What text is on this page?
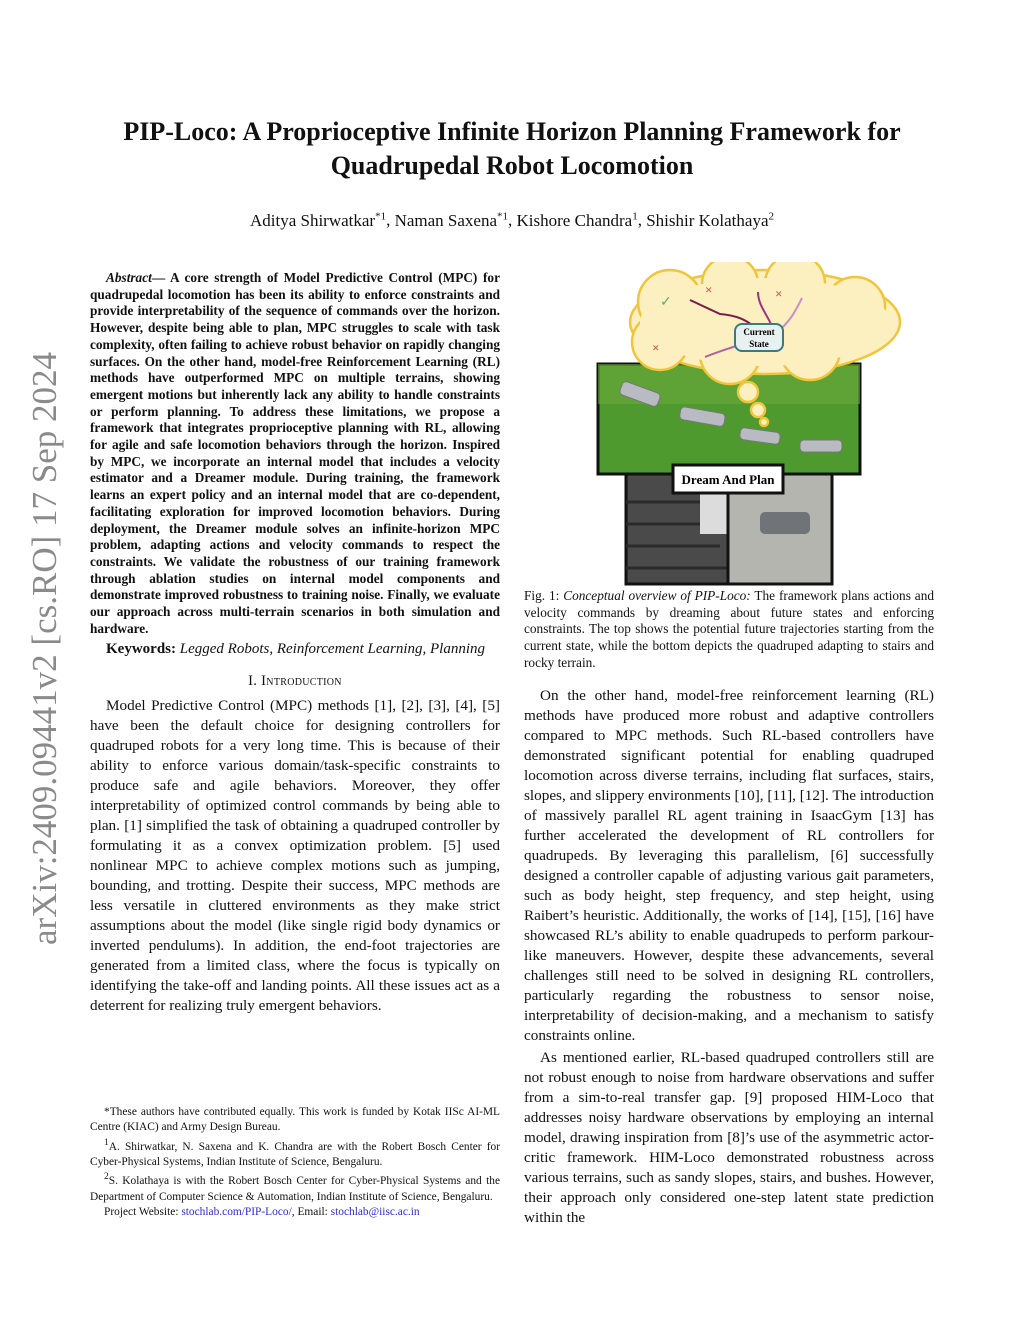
arXiv:2409.09441v2 [cs.RO] 17 Sep 2024
PIP-Loco: A Proprioceptive Infinite Horizon Planning Framework for Quadrupedal Robot Locomotion
Aditya Shirwatkar$^{*1}$, Naman Saxena$^{*1}$, Kishore Chandra$^1$, Shishir Kolathaya$^2$

Abstract— A core strength of Model Predictive Control (MPC) for quadrupedal locomotion has been its ability to enforce constraints and provide interpretability of the sequence of commands over the horizon. However, despite being able to plan, MPC struggles to scale with task complexity, often failing to achieve robust behavior on rapidly changing surfaces. On the other hand, model-free Reinforcement Learning (RL) methods have outperformed MPC on multiple terrains, showing emergent motions but inherently lack any ability to handle constraints or perform planning. To address these limitations, we propose a framework that integrates proprioceptive planning with RL, allowing for agile and safe locomotion behaviors through the horizon. Inspired by MPC, we incorporate an internal model that includes a velocity estimator and a Dreamer module. During training, the framework learns an expert policy and an internal model that are co-dependent, facilitating exploration for improved locomotion behaviors. During deployment, the Dreamer module solves an infinite-horizon MPC problem, adapting actions and velocity commands to respect the constraints. We validate the robustness of our training framework through ablation studies on internal model components and demonstrate improved robustness to training noise. Finally, we evaluate our approach across multi-terrain scenarios in both simulation and hardware.

Keywords: Legged Robots, Reinforcement Learning, Planning

I. Introduction

Model Predictive Control (MPC) methods [1], [2], [3], [4], [5] have been the default choice for designing controllers for quadruped robots for a very long time. This is because of their ability to enforce various domain/task-specific constraints to produce safe and agile behaviors. Moreover, they offer interpretability of optimized control commands by being able to plan. [1] simplified the task of obtaining a quadruped controller by formulating it as a convex optimization problem. [5] used nonlinear MPC to achieve complex motions such as jumping, bounding, and trotting. Despite their success, MPC methods are less versatile in cluttered environments as they make strict assumptions about the model (like single rigid body dynamics or inverted pendulums). In addition, the end-foot trajectories are generated from a limited class, where the focus is typically on identifying the take-off and landing points. All these issues act as a deterrent for realizing truly emergent behaviors.

*These authors have contributed equally. This work is funded by Kotak IISc AI-ML Centre (KIAC) and Army Design Bureau.

$^1$A. Shirwatkar, N. Saxena and K. Chandra are with the Robert Bosch Center for Cyber-Physical Systems, Indian Institute of Science, Bengaluru.

$^2$S. Kolathaya is with the Robert Bosch Center for Cyber-Physical Systems and the Department of Computer Science & Automation, Indian Institute of Science, Bengaluru.

Project Website: stochlab.com/PIP-Loco/, Email: stochlab@iisc.ac.in

✓
×	×
×
Current
State
Dream And Plan

Fig. 1: Conceptual overview of PIP-Loco: The framework plans actions and velocity commands by dreaming about future states and enforcing constraints. The top shows the potential future trajectories starting from the current state, while the bottom depicts the quadruped adapting to stairs and rocky terrain.

On the other hand, model-free reinforcement learning (RL) methods have produced more robust and adaptive controllers compared to MPC methods. Such RL-based controllers have demonstrated significant potential for enabling quadruped locomotion across diverse terrains, including flat surfaces, stairs, slopes, and slippery environments [10], [11], [12]. The introduction of massively parallel RL agent training in IsaacGym [13] has further accelerated the development of RL controllers for quadrupeds. By leveraging this parallelism, [6] successfully designed a controller capable of adjusting various gait parameters, such as body height, step frequency, and step height, using Raibert’s heuristic. Additionally, the works of [14], [15], [16] have showcased RL’s ability to enable quadrupeds to perform parkour-like maneuvers. However, despite these advancements, several challenges still need to be solved in designing RL controllers, particularly regarding the robustness to sensor noise, interpretability of decision-making, and a mechanism to satisfy constraints online.

As mentioned earlier, RL-based quadruped controllers still are not robust enough to noise from hardware observations and suffer from a sim-to-real transfer gap. [9] proposed HIM-Loco that addresses noisy hardware observations by employing an internal model, drawing inspiration from [8]’s use of the asymmetric actor-critic framework. HIM-Loco demonstrated robustness across various terrains, such as sandy slopes, stairs, and bushes. However, their approach only considered one-step latent state prediction within the
